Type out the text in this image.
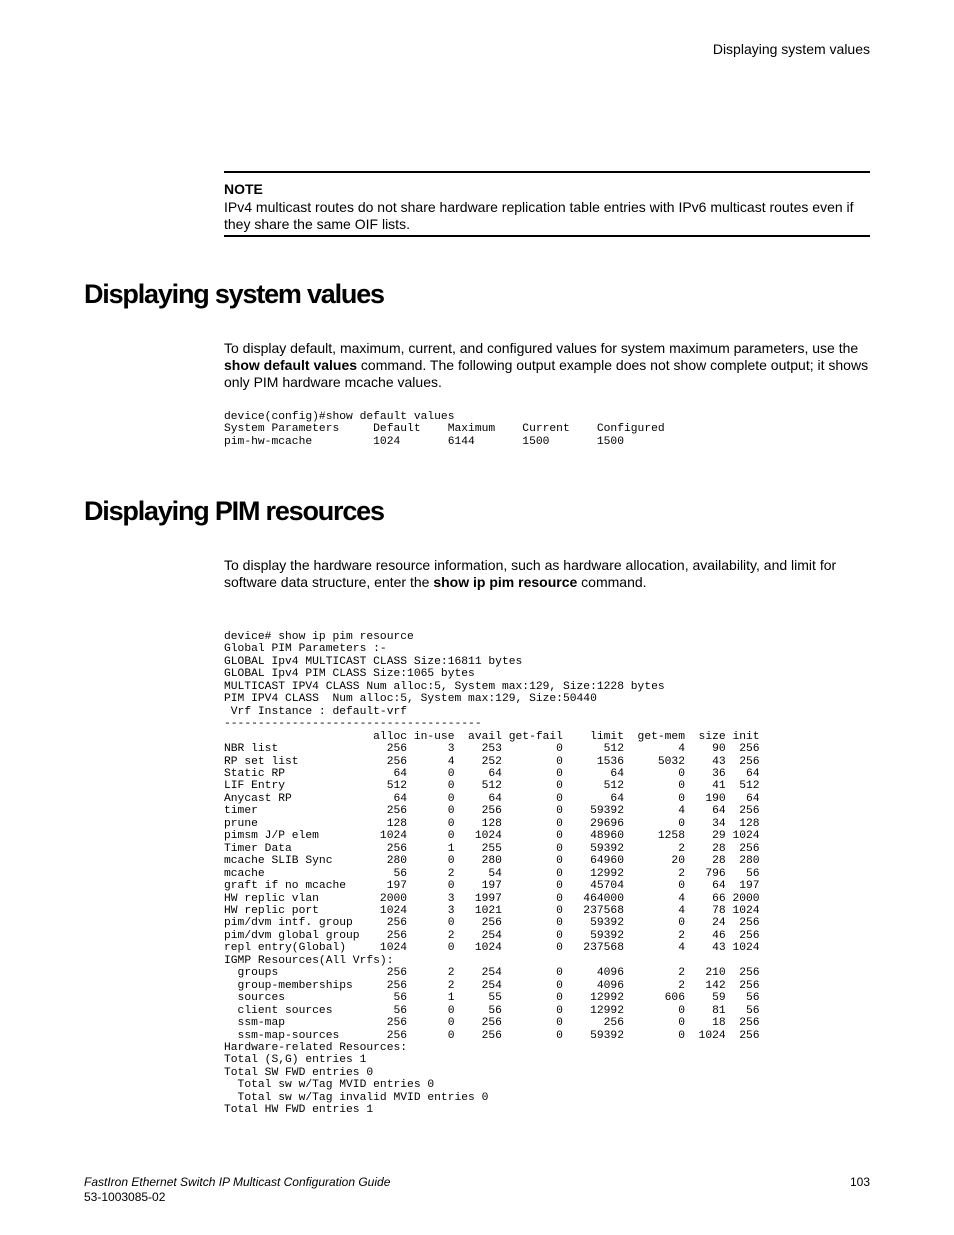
Displaying system values
NOTE
IPv4 multicast routes do not share hardware replication table entries with IPv6 multicast routes even if they share the same OIF lists.
Displaying system values

To display default, maximum, current, and configured values for system maximum parameters, use the show default values command. The following output example does not show complete output; it shows only PIM hardware mcache values.

device(config)#show default values
System Parameters     Default    Maximum    Current    Configured
pim-hw-mcache         1024       6144       1500       1500
Displaying PIM resources

To display the hardware resource information, such as hardware allocation, availability, and limit for software data structure, enter the show ip pim resource command.

device# show ip pim resource
Global PIM Parameters :-
GLOBAL Ipv4 MULTICAST CLASS Size:16811 bytes
GLOBAL Ipv4 PIM CLASS Size:1065 bytes
MULTICAST IPV4 CLASS Num alloc:5, System max:129, Size:1228 bytes
PIM IPV4 CLASS  Num alloc:5, System max:129, Size:50440
Vrf Instance : default-vrf
--------------------------------------
alloc in-use  avail get-fail    limit  get-mem  size init
NBR list                256      3    253        0      512        4    90  256
RP set list             256      4    252        0     1536     5032    43  256
Static RP                64      0     64        0       64        0    36   64
LIF Entry               512      0    512        0      512        0    41  512
Anycast RP               64      0     64        0       64        0   190   64
timer                   256      0    256        0    59392        4    64  256
prune                   128      0    128        0    29696        0    34  128
pimsm J/P elem         1024      0   1024        0    48960     1258    29 1024
Timer Data              256      1    255        0    59392        2    28  256
mcache SLIB Sync        280      0    280        0    64960       20    28  280
mcache                   56      2     54        0    12992        2   796   56
graft if no mcache      197      0    197        0    45704        0    64  197
HW replic vlan         2000      3   1997        0   464000        4    66 2000
HW replic port         1024      3   1021        0   237568        4    78 1024
pim/dvm intf. group     256      0    256        0    59392        0    24  256
pim/dvm global group    256      2    254        0    59392        2    46  256
repl entry(Global)     1024      0   1024        0   237568        4    43 1024
IGMP Resources(All Vrfs):
groups                256      2    254        0     4096        2   210  256
group-memberships     256      2    254        0     4096        2   142  256
sources                56      1     55        0    12992      606    59   56
client sources         56      0     56        0    12992        0    81   56
ssm-map               256      0    256        0      256        0    18  256
ssm-map-sources       256      0    256        0    59392        0  1024  256
Hardware-related Resources:
Total (S,G) entries 1
Total SW FWD entries 0
Total sw w/Tag MVID entries 0
Total sw w/Tag invalid MVID entries 0
Total HW FWD entries 1
FastIron Ethernet Switch IP Multicast Configuration Guide
53-1003085-02
103
